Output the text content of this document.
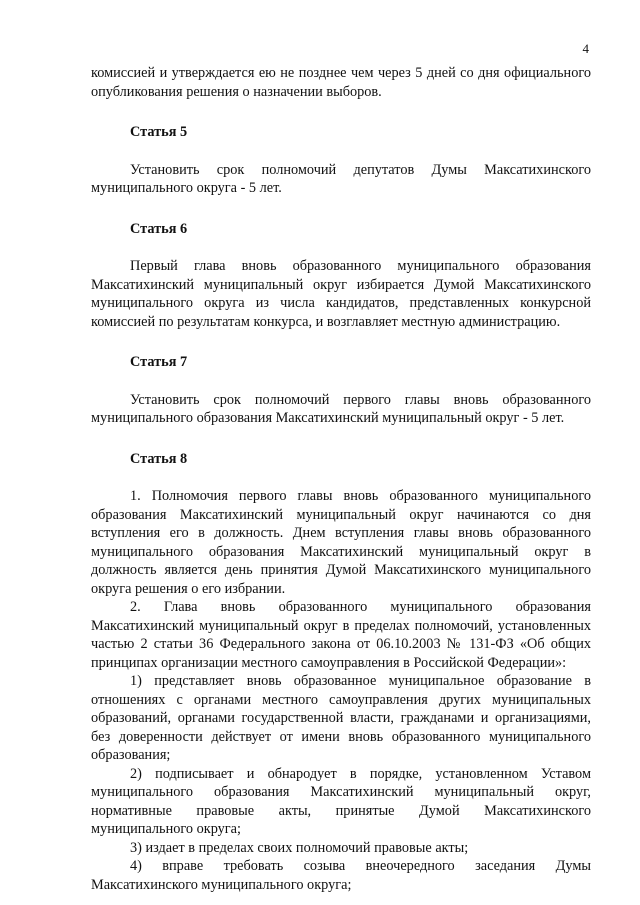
4

комиссией и утверждается ею не позднее чем через 5 дней со дня официального опубликования решения о назначении выборов.

Статья 5

Установить срок полномочий депутатов Думы Максатихинского муниципального округа - 5 лет.

Статья 6

Первый глава вновь образованного муниципального образования Максатихинский муниципальный округ избирается Думой Максатихинского муниципального округа из числа кандидатов, представленных конкурсной комиссией по результатам конкурса, и возглавляет местную администрацию.

Статья 7

Установить срок полномочий первого главы вновь образованного муниципального образования Максатихинский муниципальный округ - 5 лет.

Статья 8

1. Полномочия первого главы вновь образованного муниципального образования Максатихинский муниципальный округ начинаются со дня вступления его в должность. Днем вступления главы вновь образованного муниципального образования Максатихинский муниципальный округ в должность является день принятия Думой Максатихинского муниципального округа решения о его избрании.

2. Глава вновь образованного муниципального образования Максатихинский муниципальный округ в пределах полномочий, установленных частью 2 статьи 36 Федерального закона от 06.10.2003 № 131-ФЗ «Об общих принципах организации местного самоуправления в Российской Федерации»:

1) представляет вновь образованное муниципальное образование в отношениях с органами местного самоуправления других муниципальных образований, органами государственной власти, гражданами и организациями, без доверенности действует от имени вновь образованного муниципального образования;

2) подписывает и обнародует в порядке, установленном Уставом муниципального образования Максатихинский муниципальный округ, нормативные правовые акты, принятые Думой Максатихинского муниципального округа;

3) издает в пределах своих полномочий правовые акты;

4) вправе требовать созыва внеочередного заседания Думы Максатихинского муниципального округа;
